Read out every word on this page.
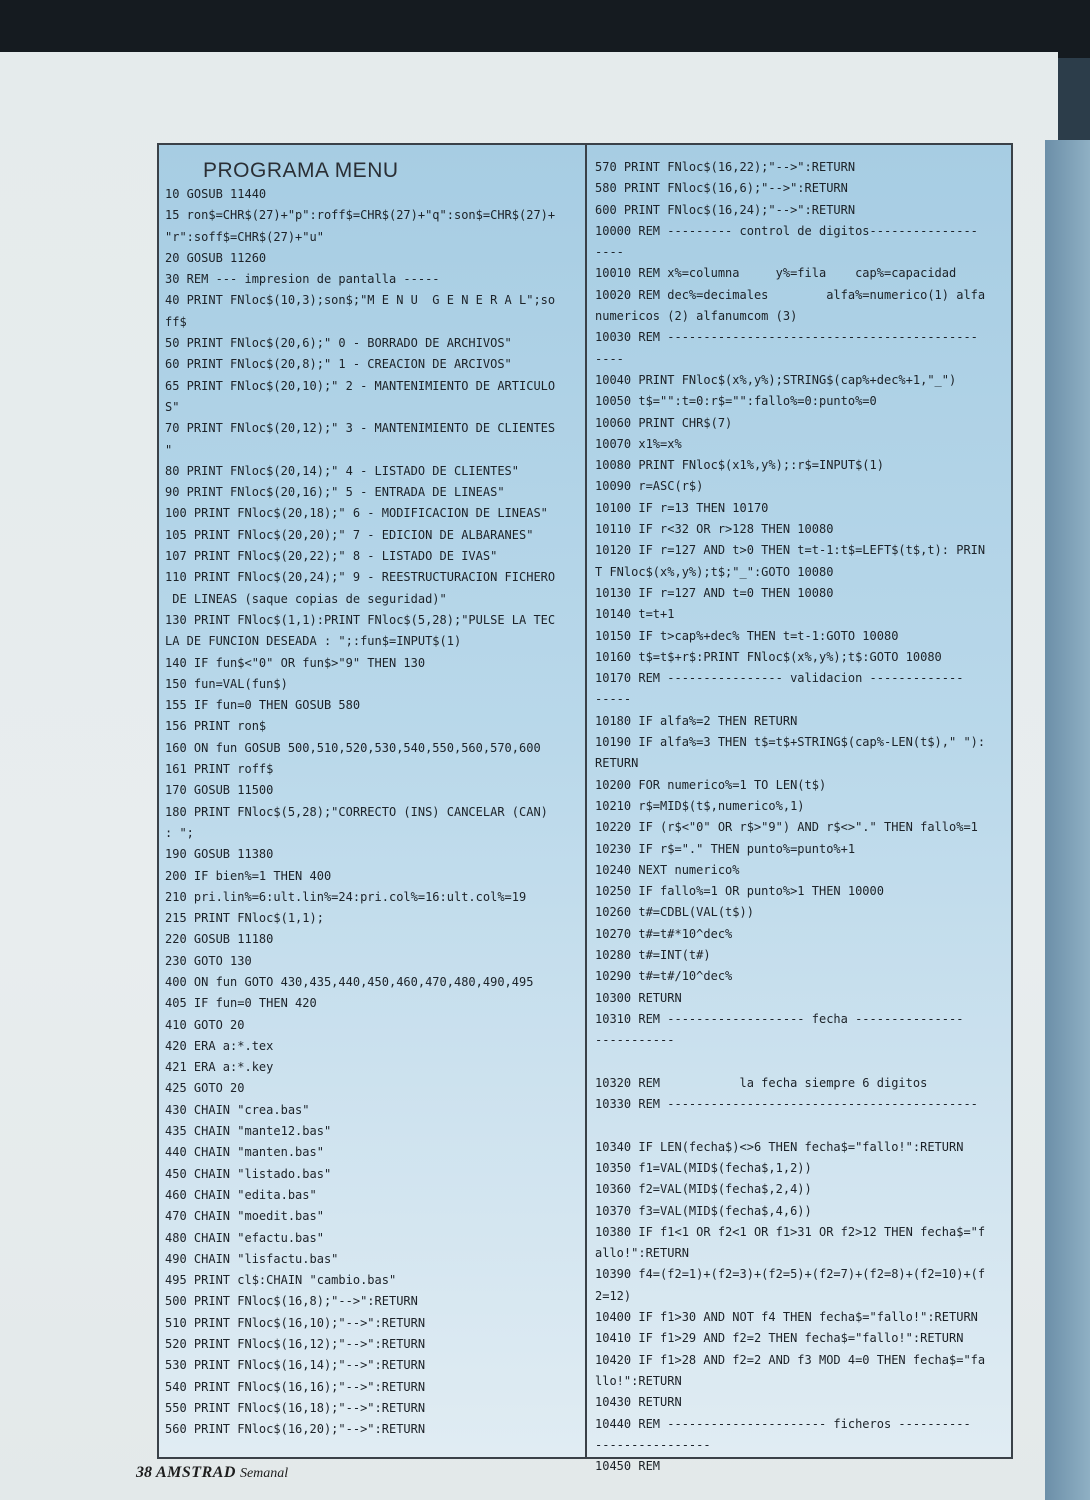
PROGRAMA MENU
10 GOSUB 11440
15 ron$=CHR$(27)+"p":roff$=CHR$(27)+"q":son$=CHR$(27)+
"r":soff$=CHR$(27)+"u"
20 GOSUB 11260
30 REM --- impresion de pantalla -----
40 PRINT FNloc$(10,3);son$;"M E N U  G E N E R A L";so
ff$
50 PRINT FNloc$(20,6);" 0 - BORRADO DE ARCHIVOS"
60 PRINT FNloc$(20,8);" 1 - CREACION DE ARCIVOS"
65 PRINT FNloc$(20,10);" 2 - MANTENIMIENTO DE ARTICULO
S"
70 PRINT FNloc$(20,12);" 3 - MANTENIMIENTO DE CLIENTES
"
80 PRINT FNloc$(20,14);" 4 - LISTADO DE CLIENTES"
90 PRINT FNloc$(20,16);" 5 - ENTRADA DE LINEAS"
100 PRINT FNloc$(20,18);" 6 - MODIFICACION DE LINEAS"
105 PRINT FNloc$(20,20);" 7 - EDICION DE ALBARANES"
107 PRINT FNloc$(20,22);" 8 - LISTADO DE IVAS"
110 PRINT FNloc$(20,24);" 9 - REESTRUCTURACION FICHERO
DE LINEAS (saque copias de seguridad)"
130 PRINT FNloc$(1,1):PRINT FNloc$(5,28);"PULSE LA TEC
LA DE FUNCION DESEADA : ";:fun$=INPUT$(1)
140 IF fun$<"0" OR fun$>"9" THEN 130
150 fun=VAL(fun$)
155 IF fun=0 THEN GOSUB 580
156 PRINT ron$
160 ON fun GOSUB 500,510,520,530,540,550,560,570,600
161 PRINT roff$
170 GOSUB 11500
180 PRINT FNloc$(5,28);"CORRECTO (INS) CANCELAR (CAN)
: ";
190 GOSUB 11380
200 IF bien%=1 THEN 400
210 pri.lin%=6:ult.lin%=24:pri.col%=16:ult.col%=19
215 PRINT FNloc$(1,1);
220 GOSUB 11180
230 GOTO 130
400 ON fun GOTO 430,435,440,450,460,470,480,490,495
405 IF fun=0 THEN 420
410 GOTO 20
420 ERA a:*.tex
421 ERA a:*.key
425 GOTO 20
430 CHAIN "crea.bas"
435 CHAIN "mante12.bas"
440 CHAIN "manten.bas"
450 CHAIN "listado.bas"
460 CHAIN "edita.bas"
470 CHAIN "moedit.bas"
480 CHAIN "efactu.bas"
490 CHAIN "lisfactu.bas"
495 PRINT cl$:CHAIN "cambio.bas"
500 PRINT FNloc$(16,8);"-->":RETURN
510 PRINT FNloc$(16,10);"-->":RETURN
520 PRINT FNloc$(16,12);"-->":RETURN
530 PRINT FNloc$(16,14);"-->":RETURN
540 PRINT FNloc$(16,16);"-->":RETURN
550 PRINT FNloc$(16,18);"-->":RETURN
560 PRINT FNloc$(16,20);"-->":RETURN
570 PRINT FNloc$(16,22);"-->":RETURN
580 PRINT FNloc$(16,6);"-->":RETURN
600 PRINT FNloc$(16,24);"-->":RETURN
10000 REM --------- control de digitos---------------
----
10010 REM x%=columna     y%=fila    cap%=capacidad
10020 REM dec%=decimales        alfa%=numerico(1) alfa
numericos (2) alfanumcom (3)
10030 REM -------------------------------------------
----
10040 PRINT FNloc$(x%,y%);STRING$(cap%+dec%+1,"_")
10050 t$="":t=0:r$="":fallo%=0:punto%=0
10060 PRINT CHR$(7)
10070 x1%=x%
10080 PRINT FNloc$(x1%,y%);:r$=INPUT$(1)
10090 r=ASC(r$)
10100 IF r=13 THEN 10170
10110 IF r<32 OR r>128 THEN 10080
10120 IF r=127 AND t>0 THEN t=t-1:t$=LEFT$(t$,t): PRIN
T FNloc$(x%,y%);t$;"_":GOTO 10080
10130 IF r=127 AND t=0 THEN 10080
10140 t=t+1
10150 IF t>cap%+dec% THEN t=t-1:GOTO 10080
10160 t$=t$+r$:PRINT FNloc$(x%,y%);t$:GOTO 10080
10170 REM ---------------- validacion -------------
-----
10180 IF alfa%=2 THEN RETURN
10190 IF alfa%=3 THEN t$=t$+STRING$(cap%-LEN(t$)," "):
RETURN
10200 FOR numerico%=1 TO LEN(t$)
10210 r$=MID$(t$,numerico%,1)
10220 IF (r$<"0" OR r$>"9") AND r$<>"." THEN fallo%=1
10230 IF r$="." THEN punto%=punto%+1
10240 NEXT numerico%
10250 IF fallo%=1 OR punto%>1 THEN 10000
10260 t#=CDBL(VAL(t$))
10270 t#=t#*10^dec%
10280 t#=INT(t#)
10290 t#=t#/10^dec%
10300 RETURN
10310 REM ------------------- fecha ---------------
-----------
10320 REM           la fecha siempre 6 digitos
10330 REM -------------------------------------------
10340 IF LEN(fecha$)<>6 THEN fecha$="fallo!":RETURN
10350 f1=VAL(MID$(fecha$,1,2))
10360 f2=VAL(MID$(fecha$,2,4))
10370 f3=VAL(MID$(fecha$,4,6))
10380 IF f1<1 OR f2<1 OR f1>31 OR f2>12 THEN fecha$="f
allo!":RETURN
10390 f4=(f2=1)+(f2=3)+(f2=5)+(f2=7)+(f2=8)+(f2=10)+(f
2=12)
10400 IF f1>30 AND NOT f4 THEN fecha$="fallo!":RETURN
10410 IF f1>29 AND f2=2 THEN fecha$="fallo!":RETURN
10420 IF f1>28 AND f2=2 AND f3 MOD 4=0 THEN fecha$="fa
llo!":RETURN
10430 RETURN
10440 REM ---------------------- ficheros ----------
----------------
10450 REM
38 AMSTRAD Semanal
